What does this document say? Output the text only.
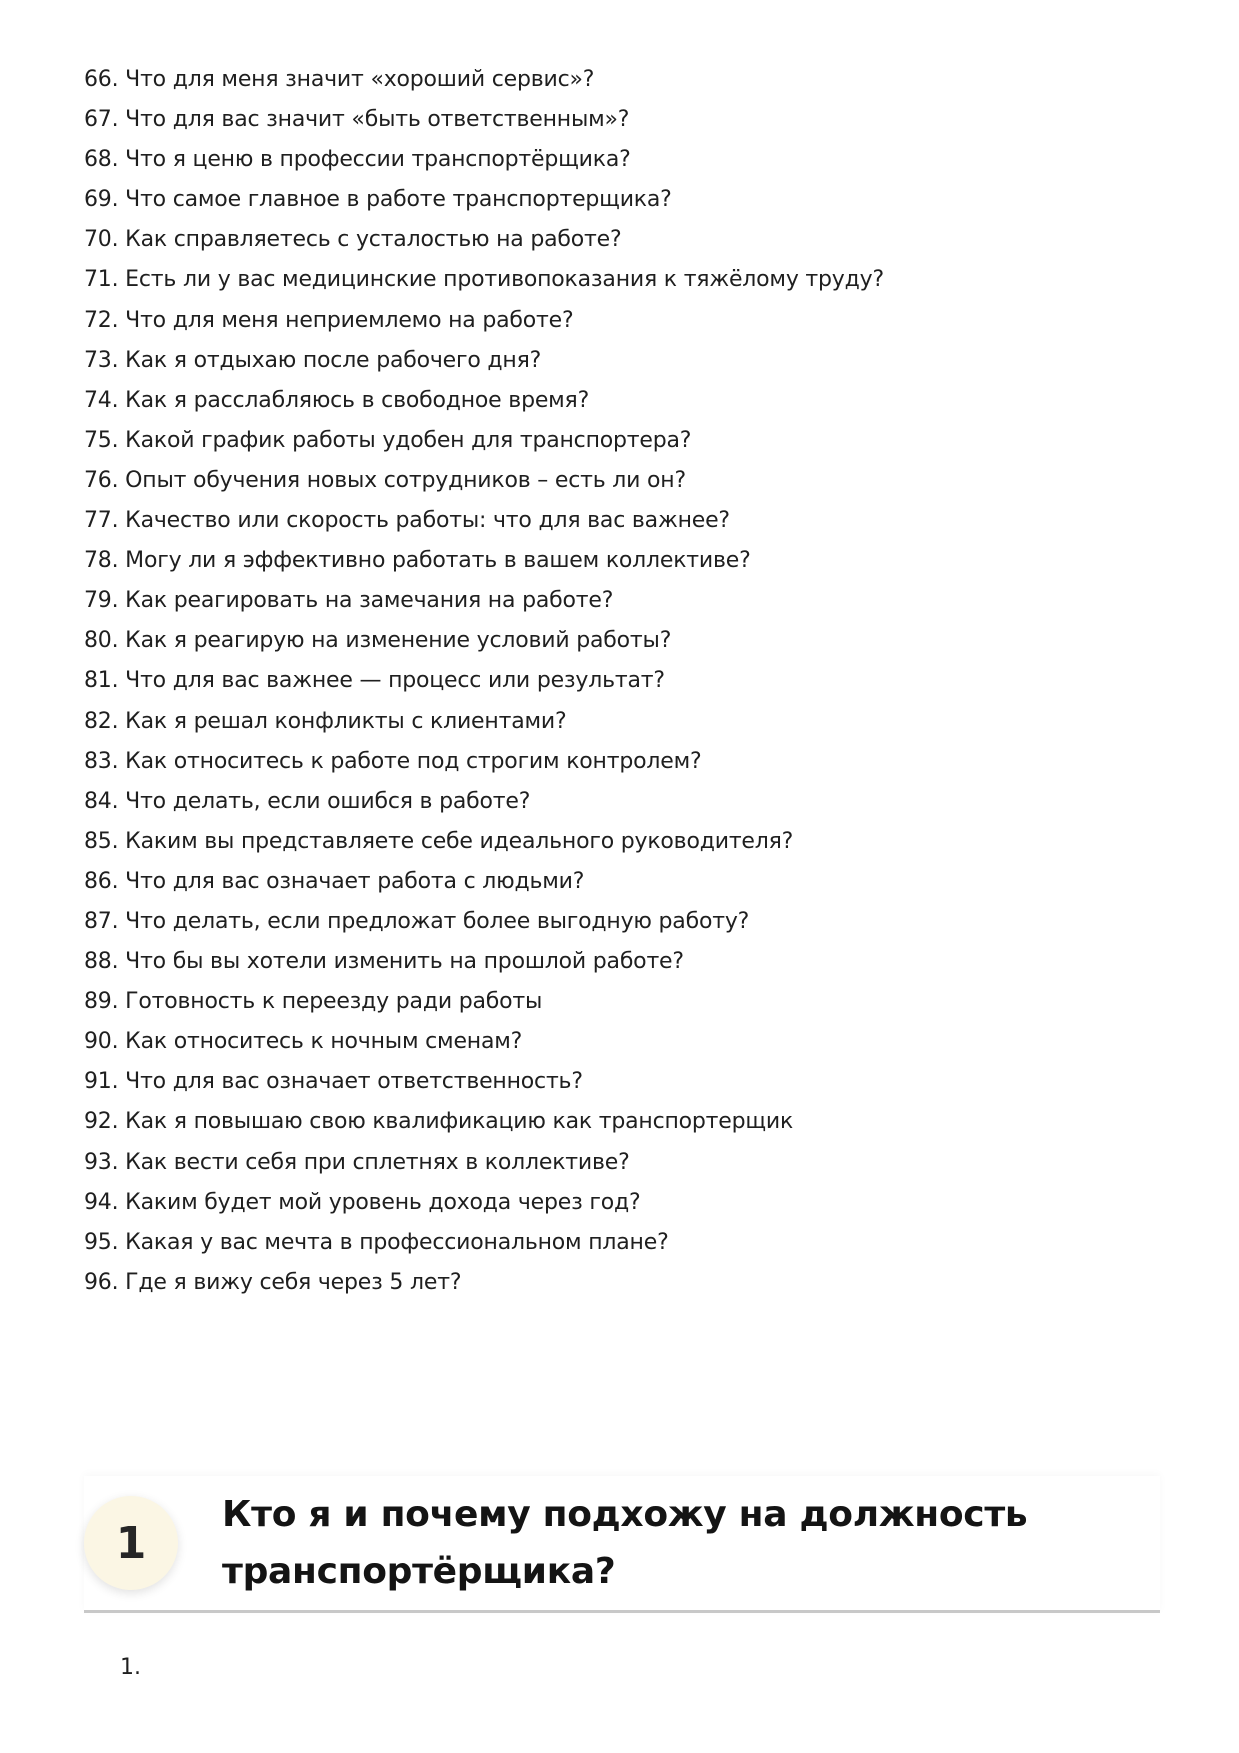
66. Что для меня значит «хороший сервис»?
67. Что для вас значит «быть ответственным»?
68. Что я ценю в профессии транспортёрщика?
69. Что самое главное в работе транспортерщика?
70. Как справляетесь с усталостью на работе?
71. Есть ли у вас медицинские противопоказания к тяжёлому труду?
72. Что для меня неприемлемо на работе?
73. Как я отдыхаю после рабочего дня?
74. Как я расслабляюсь в свободное время?
75. Какой график работы удобен для транспортера?
76. Опыт обучения новых сотрудников – есть ли он?
77. Качество или скорость работы: что для вас важнее?
78. Могу ли я эффективно работать в вашем коллективе?
79. Как реагировать на замечания на работе?
80. Как я реагирую на изменение условий работы?
81. Что для вас важнее — процесс или результат?
82. Как я решал конфликты с клиентами?
83. Как относитесь к работе под строгим контролем?
84. Что делать, если ошибся в работе?
85. Каким вы представляете себе идеального руководителя?
86. Что для вас означает работа с людьми?
87. Что делать, если предложат более выгодную работу?
88. Что бы вы хотели изменить на прошлой работе?
89. Готовность к переезду ради работы
90. Как относитесь к ночным сменам?
91. Что для вас означает ответственность?
92. Как я повышаю свою квалификацию как транспортерщик
93. Как вести себя при сплетнях в коллективе?
94. Каким будет мой уровень дохода через год?
95. Какая у вас мечта в профессиональном плане?
96. Где я вижу себя через 5 лет?
1
Кто я и почему подхожу на должность транспортёрщика?
1.
